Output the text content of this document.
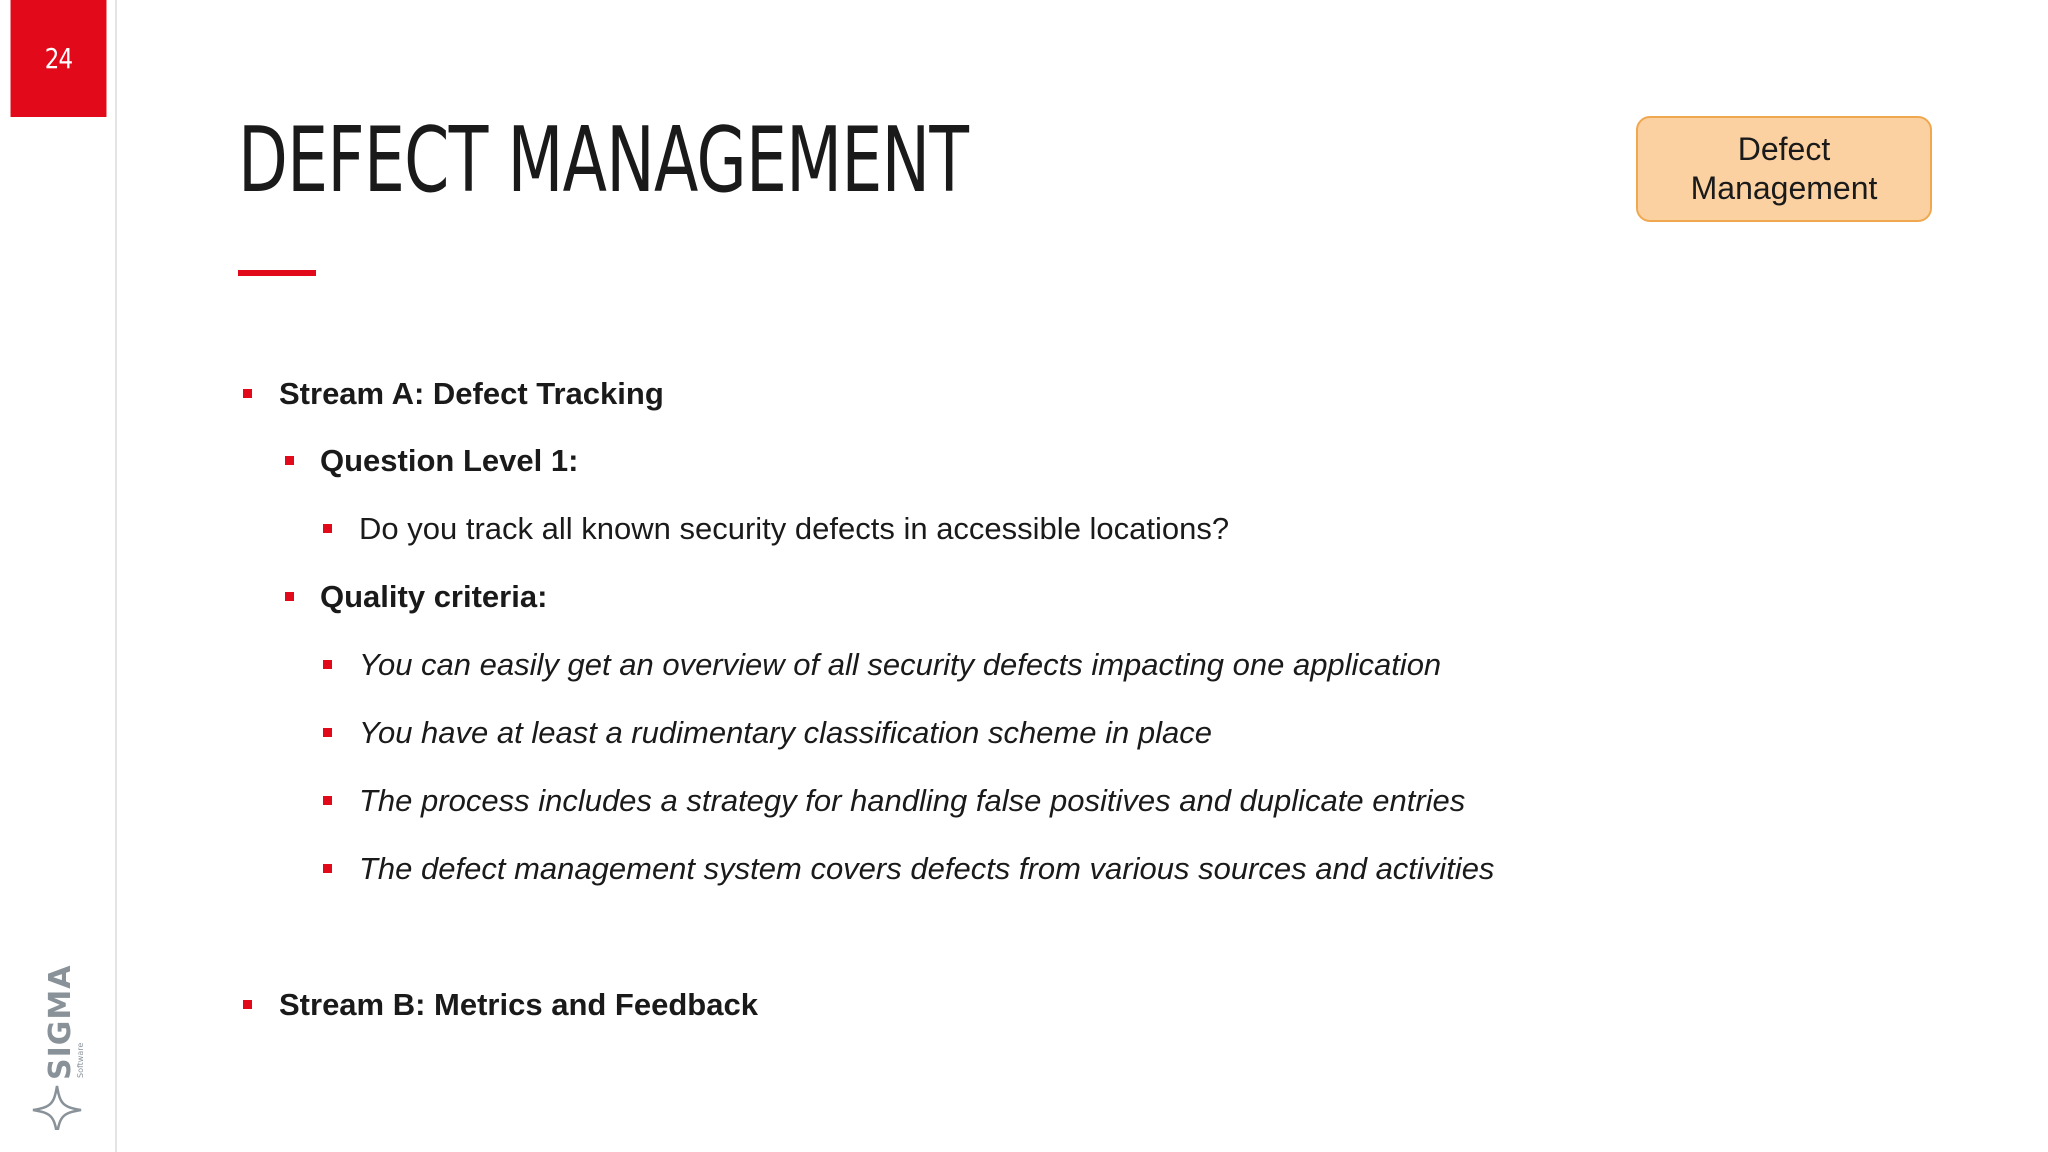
24
SIGMA
Software
DEFECT MANAGEMENT	Defect Management
Stream A: Defect Tracking
Question Level 1:
Do you track all known security defects in accessible locations?
Quality criteria:
You can easily get an overview of all security defects impacting one application
You have at least a rudimentary classification scheme in place
The process includes a strategy for handling false positives and duplicate entries
The defect management system covers defects from various sources and activities
Stream B: Metrics and Feedback
